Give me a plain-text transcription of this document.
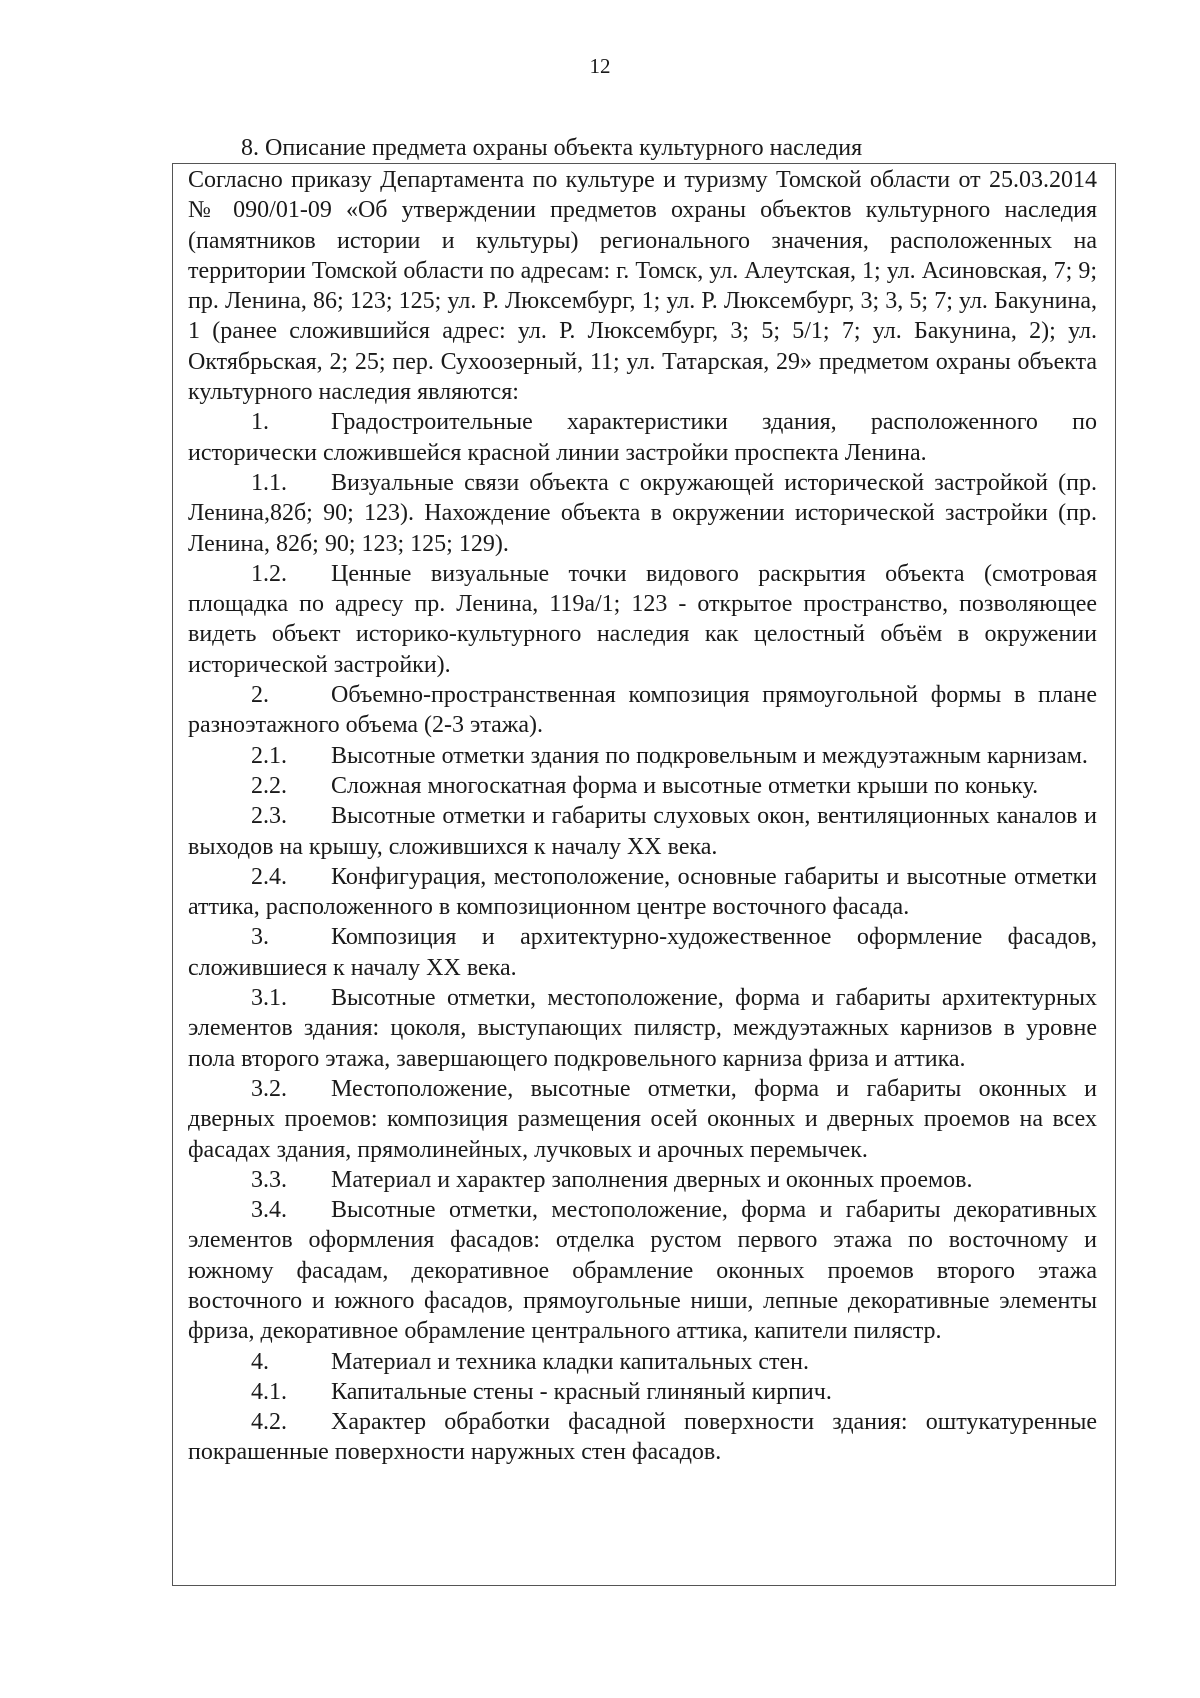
12
8. Описание предмета охраны объекта культурного наследия

Согласно приказу Департамента по культуре и туризму Томской области от 25.03.2014 № 090/01-09 «Об утверждении предметов охраны объектов культурного наследия (памятников истории и культуры) регионального значения, расположенных на территории Томской области по адресам: г. Томск, ул. Алеутская, 1; ул. Асиновская, 7; 9; пр. Ленина, 86; 123; 125; ул. Р. Люксембург, 1; ул. Р. Люксембург, 3; 3, 5; 7; ул. Бакунина, 1 (ранее сложившийся адрес: ул. Р. Люксембург, 3; 5; 5/1; 7; ул. Бакунина, 2); ул. Октябрьская, 2; 25; пер. Сухоозерный, 11; ул. Татарская, 29» предметом охраны объекта культурного наследия являются:

1.	Градостроительные характеристики здания, расположенного по исторически сложившейся красной линии застройки проспекта Ленина.

1.1. Визуальные связи объекта с окружающей исторической застройкой (пр. Ленина,82б; 90; 123). Нахождение объекта в окружении исторической застройки (пр. Ленина, 82б; 90; 123; 125; 129).

1.2. Ценные визуальные точки видового раскрытия объекта (смотровая площадка по адресу пр. Ленина, 119а/1; 123 - открытое пространство, позволяющее видеть объект историко-культурного наследия как целостный объём в окружении исторической застройки).

2.	Объемно-пространственная композиция прямоугольной формы в плане разноэтажного объема (2-3 этажа).

2.1. Высотные отметки здания по подкровельным и междуэтажным карнизам.

2.2. Сложная многоскатная форма и высотные отметки крыши по коньку.

2.3. Высотные отметки и габариты слуховых окон, вентиляционных каналов и выходов на крышу, сложившихся к началу XX века.

2.4. Конфигурация, местоположение, основные габариты и высотные отметки аттика, расположенного в композиционном центре восточного фасада.

3.	Композиция и архитектурно-художественное оформление фасадов, сложившиеся к началу XX века.

3.1. Высотные отметки, местоположение, форма и габариты архитектурных элементов здания: цоколя, выступающих пилястр, междуэтажных карнизов в уровне пола второго этажа, завершающего подкровельного карниза фриза и аттика.

3.2. Местоположение, высотные отметки, форма и габариты оконных и дверных проемов: композиция размещения осей оконных и дверных проемов на всех фасадах здания, прямолинейных, лучковых и арочных перемычек.

3.3. Материал и характер заполнения дверных и оконных проемов.

3.4. Высотные отметки, местоположение, форма и габариты декоративных элементов оформления фасадов: отделка рустом первого этажа по восточному и южному фасадам, декоративное обрамление оконных проемов второго этажа восточного и южного фасадов, прямоугольные ниши, лепные декоративные элементы фриза, декоративное обрамление центрального аттика, капители пилястр.

4.	Материал и техника кладки капитальных стен.

4.1. Капитальные стены - красный глиняный кирпич.

4.2. Характер обработки фасадной поверхности здания: оштукатуренные покрашенные поверхности наружных стен фасадов.
